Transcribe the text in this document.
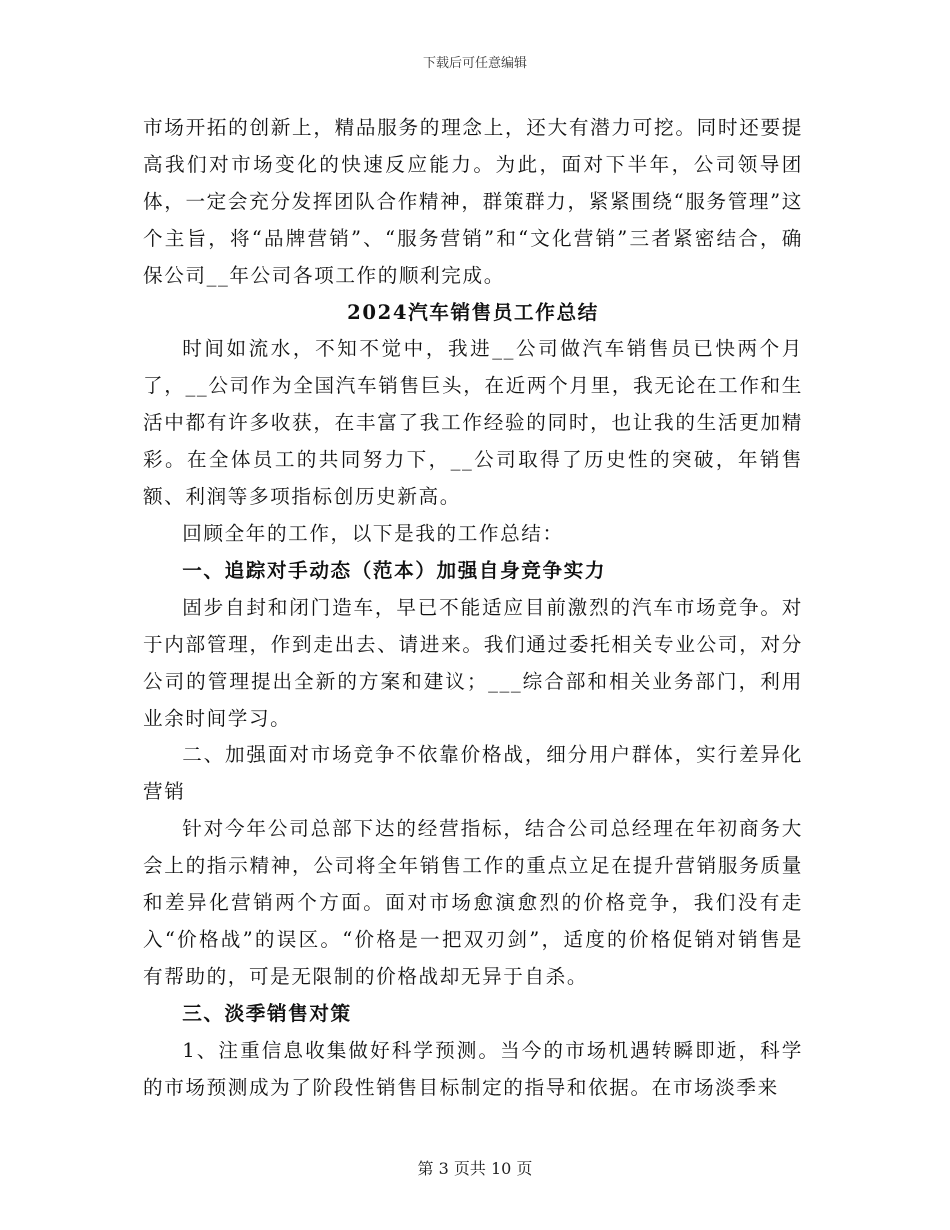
下载后可任意编辑

市场开拓的创新上，精品服务的理念上，还大有潜力可挖。同时还要提高我们对市场变化的快速反应能力。为此，面对下半年，公司领导团体，一定会充分发挥团队合作精神，群策群力，紧紧围绕“服务管理”这个主旨，将“品牌营销”、“服务营销”和“文化营销”三者紧密结合，确保公司__年公司各项工作的顺利完成。

2024汽车销售员工作总结

时间如流水，不知不觉中，我进__公司做汽车销售员已快两个月了，__公司作为全国汽车销售巨头，在近两个月里，我无论在工作和生活中都有许多收获，在丰富了我工作经验的同时，也让我的生活更加精彩。在全体员工的共同努力下，__公司取得了历史性的突破，年销售额、利润等多项指标创历史新高。

回顾全年的工作，以下是我的工作总结：

一、追踪对手动态（范本）加强自身竞争实力

固步自封和闭门造车，早已不能适应目前激烈的汽车市场竞争。对于内部管理，作到走出去、请进来。我们通过委托相关专业公司，对分公司的管理提出全新的方案和建议；___综合部和相关业务部门，利用业余时间学习。

二、加强面对市场竞争不依靠价格战，细分用户群体，实行差异化营销

针对今年公司总部下达的经营指标，结合公司总经理在年初商务大会上的指示精神，公司将全年销售工作的重点立足在提升营销服务质量和差异化营销两个方面。面对市场愈演愈烈的价格竞争，我们没有走入“价格战”的误区。“价格是一把双刃剑”，适度的价格促销对销售是有帮助的，可是无限制的价格战却无异于自杀。

三、淡季销售对策

1、注重信息收集做好科学预测。当今的市场机遇转瞬即逝，科学的市场预测成为了阶段性销售目标制定的指导和依据。在市场淡季来

第 3 页共 10 页
